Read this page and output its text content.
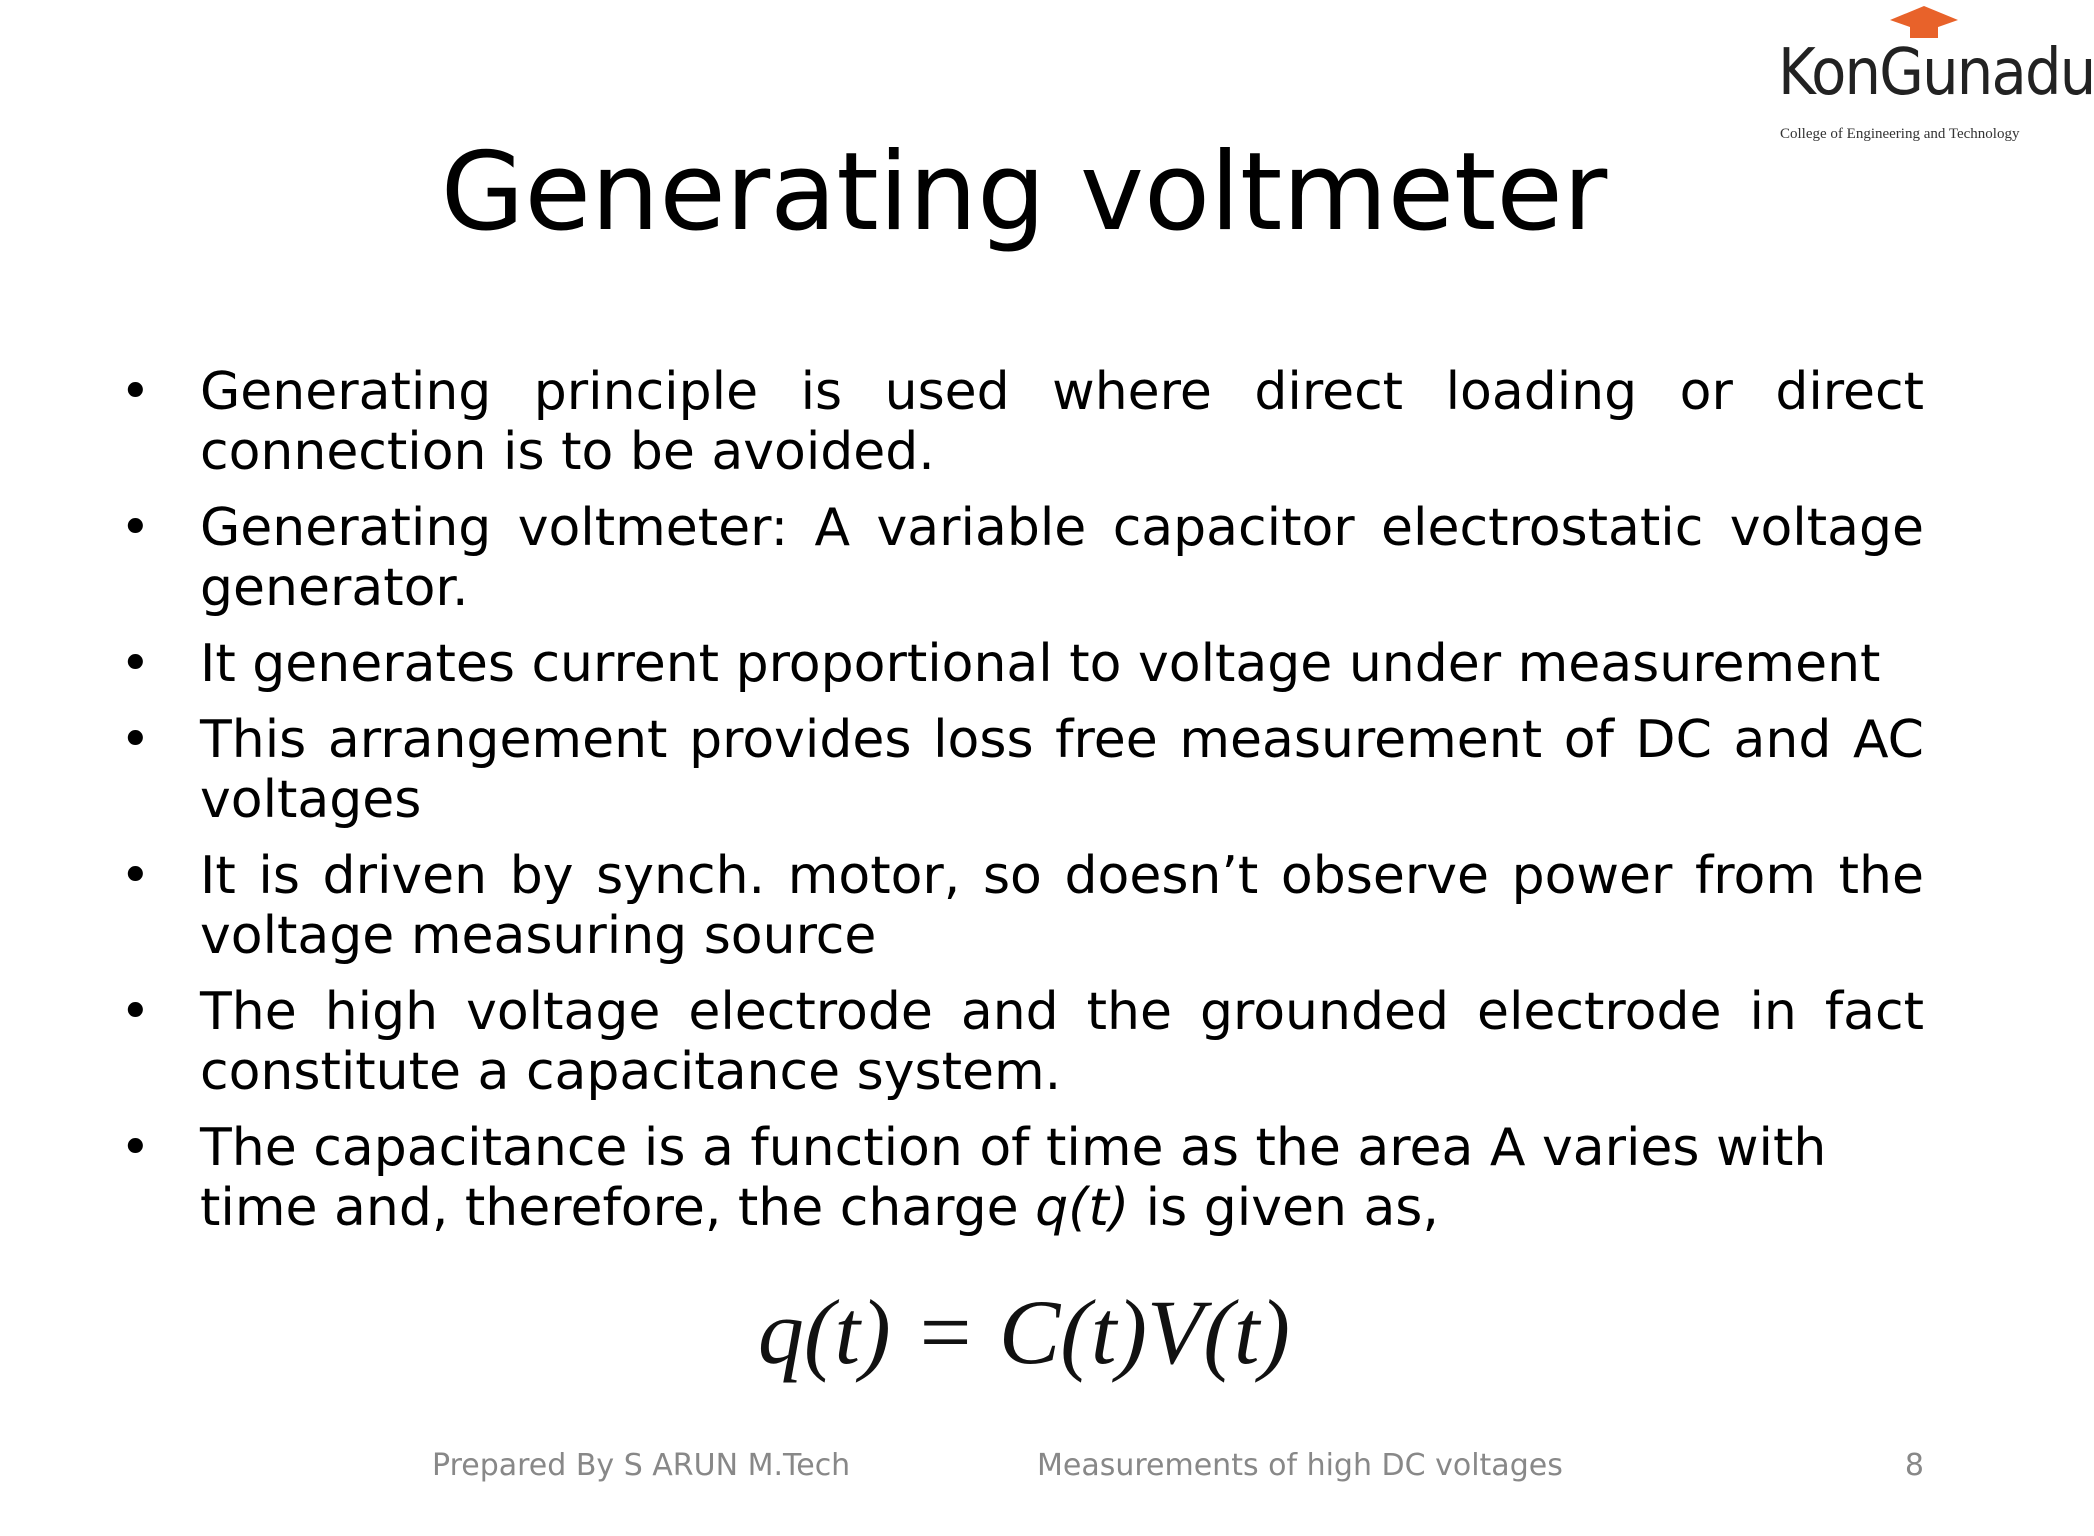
KonGunadu
College of Engineering and Technology
Generating voltmeter
• Generating principle is used where direct loading or direct connection is to be avoided.
• Generating voltmeter: A variable capacitor electrostatic voltage generator.
• It generates current proportional to voltage under measurement
• This arrangement provides loss free measurement of DC and AC voltages
• It is driven by synch. motor, so doesn’t observe power from the voltage measuring source
• The high voltage electrode and the grounded electrode in fact constitute a capacitance system.
• The capacitance is a function of time as the area A varies with time and, therefore, the charge q(t) is given as,
q(t) = C(t)V(t)
Prepared By S ARUN M.Tech	Measurements of high DC voltages	8
